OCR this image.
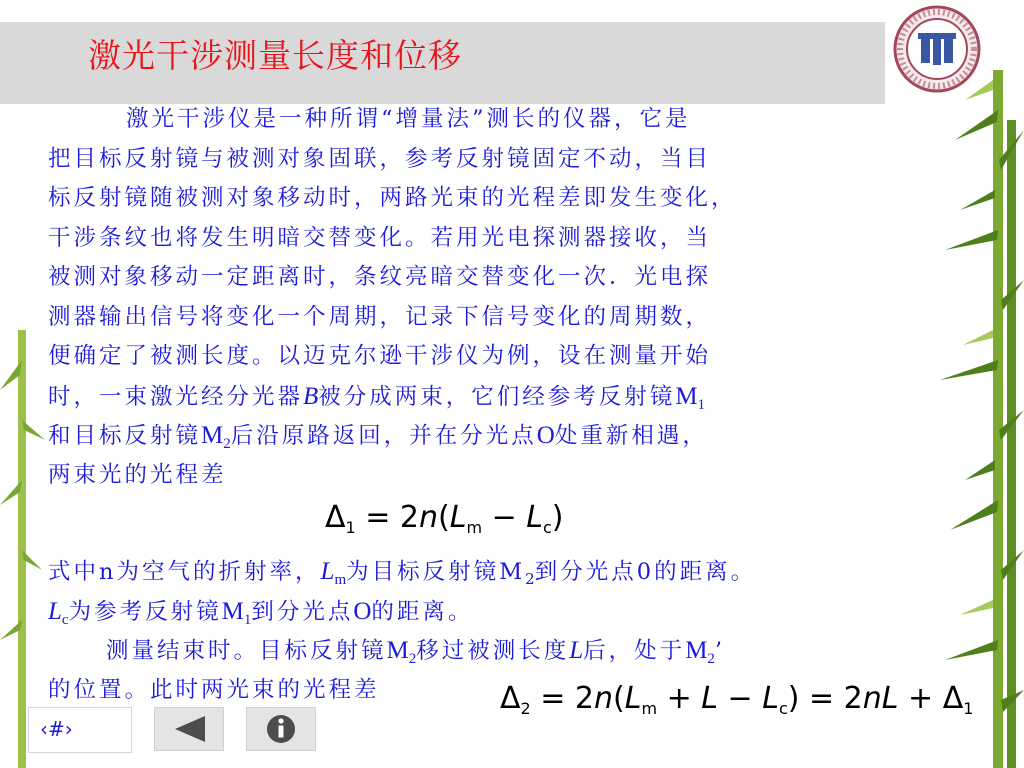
激光干涉测量长度和位移
激光干涉仪是一种所谓“增量法”测长的仪器，它是
把目标反射镜与被测对象固联，参考反射镜固定不动，当目
标反射镜随被测对象移动时，两路光束的光程差即发生变化，
干涉条纹也将发生明暗交替变化。若用光电探测器接收，当
被测对象移动一定距离时，条纹亮暗交替变化一次．光电探
测器输出信号将变化一个周期，记录下信号变化的周期数，
便确定了被测长度。以迈克尔逊干涉仪为例，设在测量开始
时，一束激光经分光器B被分成两束，它们经参考反射镜$M_1$
和目标反射镜$M_2$后沿原路返回，并在分光点O处重新相遇，
两束光的光程差
$\Delta_1 = 2n(L_m - L_c)$
式中n为空气的折射率，$L_m$为目标反射镜$M_2$到分光点0的距离。
$L_c$为参考反射镜$M_1$到分光点O的距离。
测量结束时。目标反射镜$M_2$移过被测长度L后，处于$M_2$’
的位置。此时两光束的光程差	$\Delta_2 = 2n(L_m + L - L_c) = 2nL + \Delta_1$
‹#›
